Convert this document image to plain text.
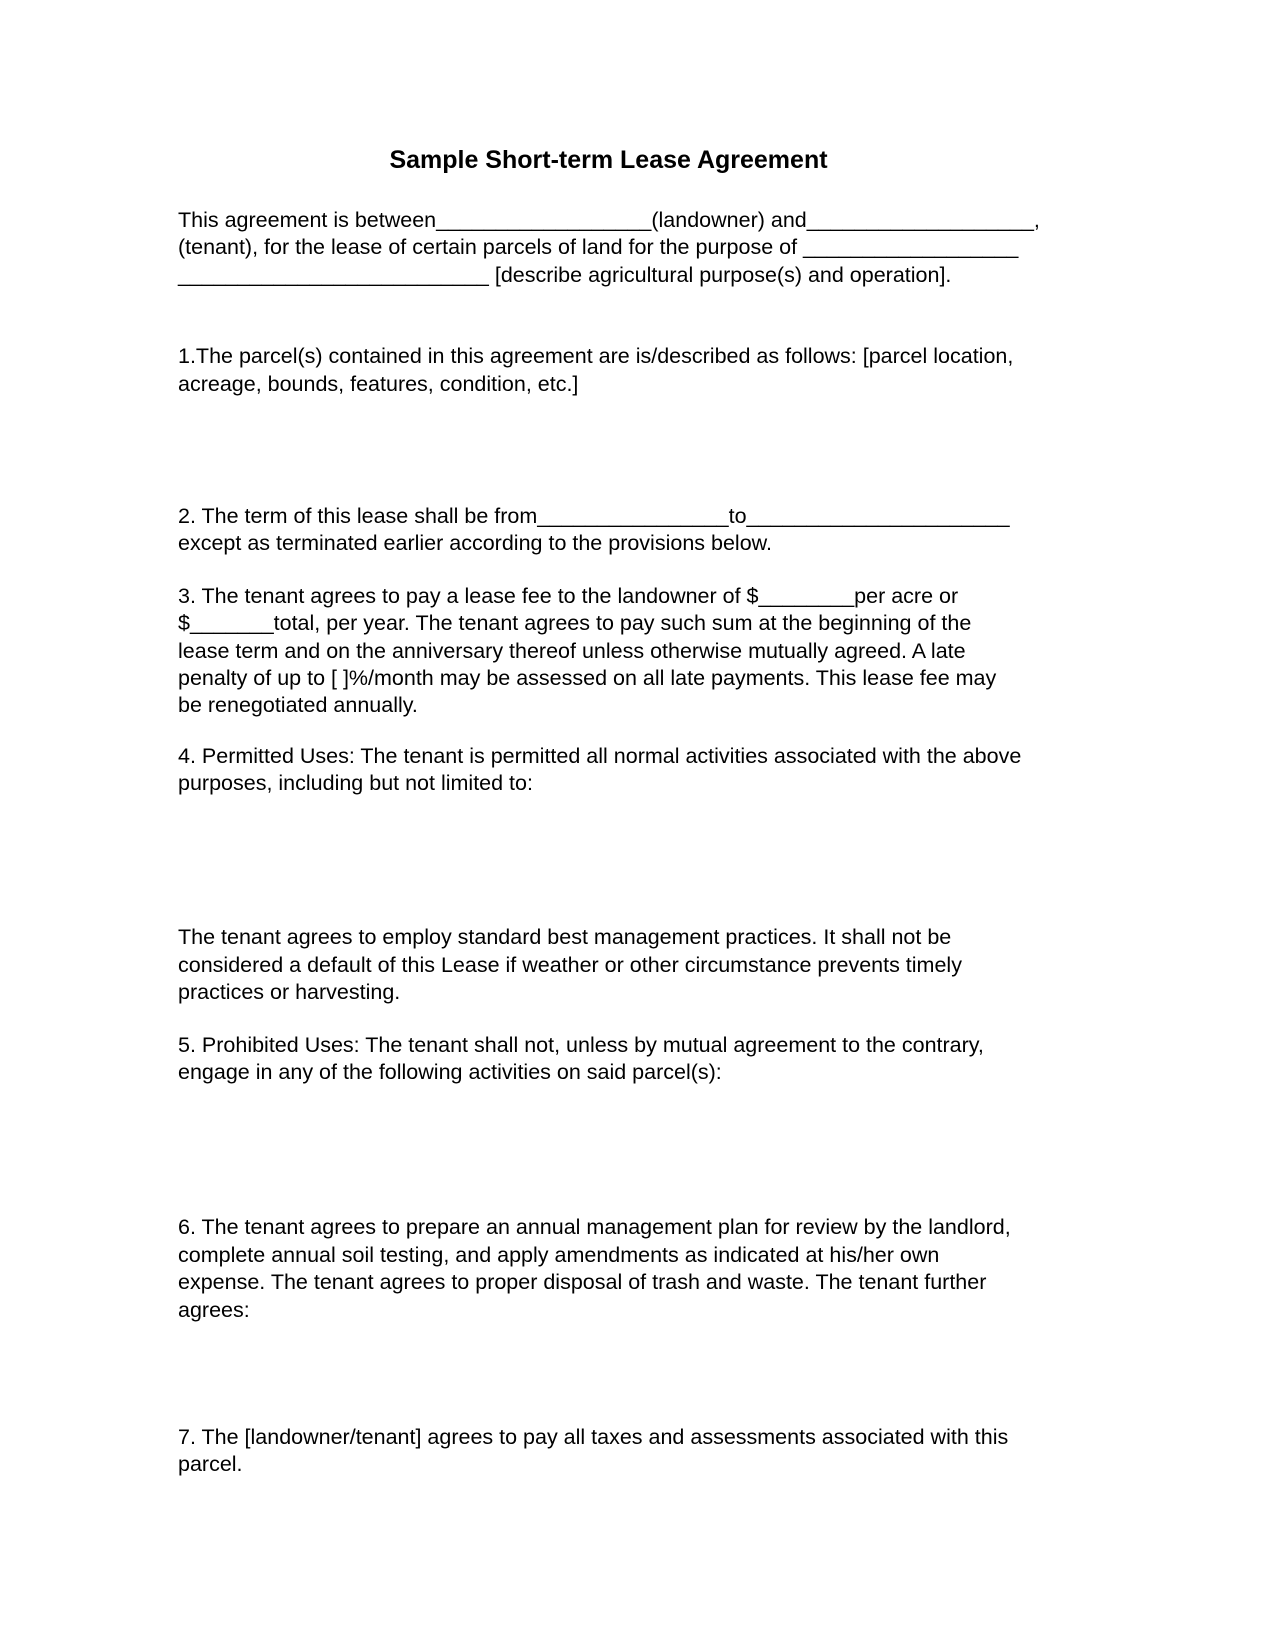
Sample Short-term Lease Agreement
This agreement is between__________________(landowner) and___________________,
(tenant), for the lease of certain parcels of land for the purpose of __________________
__________________________ [describe agricultural purpose(s) and operation].
1.The parcel(s) contained in this agreement are is/described as follows: [parcel location,
acreage, bounds, features, condition, etc.]
2. The term of this lease shall be from________________to______________________
except as terminated earlier according to the provisions below.
3. The tenant agrees to pay a lease fee to the landowner of $________per acre or
$_______total, per year. The tenant agrees to pay such sum at the beginning of the
lease term and on the anniversary thereof unless otherwise mutually agreed. A late
penalty of up to [ ]%/month may be assessed on all late payments. This lease fee may
be renegotiated annually.
4. Permitted Uses: The tenant is permitted all normal activities associated with the above
purposes, including but not limited to:
The tenant agrees to employ standard best management practices. It shall not be
considered a default of this Lease if weather or other circumstance prevents timely
practices or harvesting.
5. Prohibited Uses: The tenant shall not, unless by mutual agreement to the contrary,
engage in any of the following activities on said parcel(s):
6. The tenant agrees to prepare an annual management plan for review by the landlord,
complete annual soil testing, and apply amendments as indicated at his/her own
expense. The tenant agrees to proper disposal of trash and waste. The tenant further
agrees:
7. The [landowner/tenant] agrees to pay all taxes and assessments associated with this
parcel.
